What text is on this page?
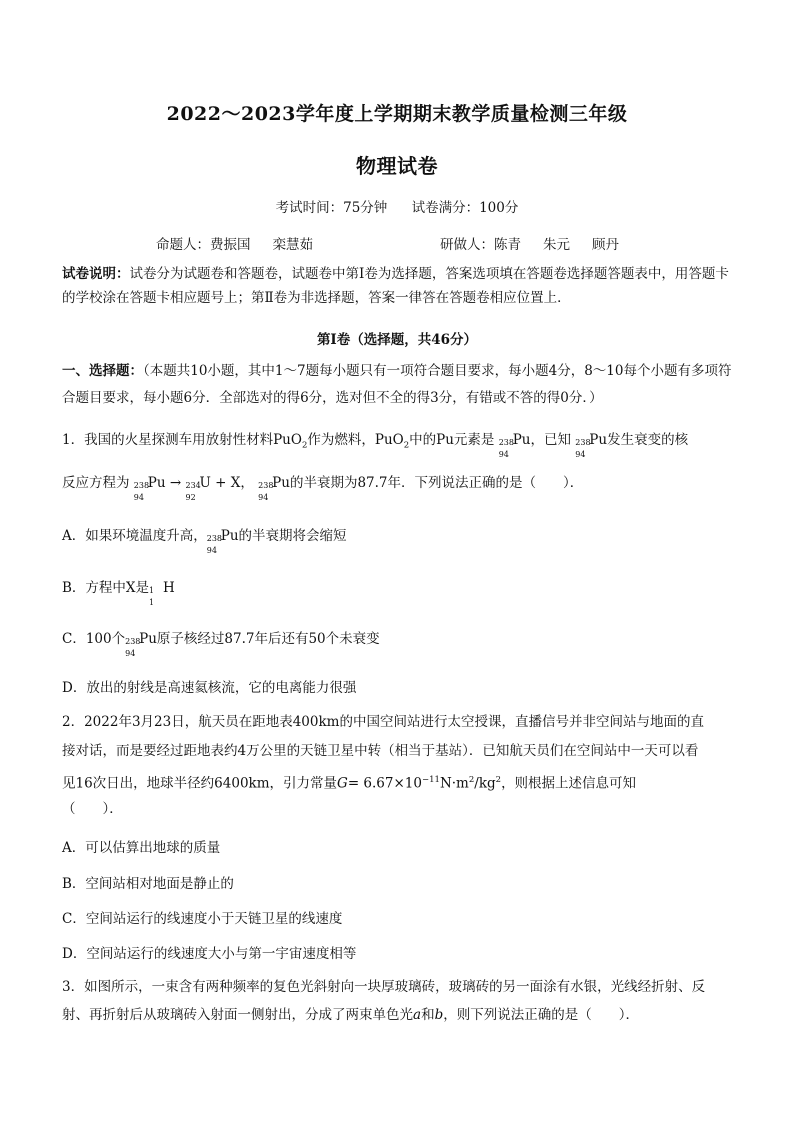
2022～2023学年度上学期期末教学质量检测三年级
物理试卷
考试时间：75分钟 试卷满分：100分
命题人：费振国 栾慧茹	研做人：陈青 朱元 顾丹
试卷说明：试卷分为试题卷和答题卷，试题卷中第Ⅰ卷为选择题，答案选项填在答题卷选择题答题表中，用答题卡的学校涂在答题卡相应题号上；第Ⅱ卷为非选择题，答案一律答在答题卷相应位置上．
第Ⅰ卷（选择题，共46分）
一、选择题：（本题共10小题，其中1～7题每小题只有一项符合题目要求，每小题4分，8～10每个小题有多项符合题目要求，每小题6分．全部选对的得6分，选对但不全的得3分，有错或不答的得0分．）
1．我国的火星探测车用放射性材料PuO$_2$作为燃料，PuO$_2$中的Pu元素是 238
94
Pu，已知 238
94
Pu发生衰变的核
反应方程为 238
94
Pu → 234
92
U + X， 238
94
Pu的半衰期为87.7年．下列说法正确的是（　　）．
A．如果环境温度升高， 238
94
Pu的半衰期将会缩短
B．方程中X是 1
1
H
C．100个 238
94
Pu原子核经过87.7年后还有50个未衰变
D．放出的射线是高速氦核流，它的电离能力很强
2．2022年3月23日，航天员在距地表400km的中国空间站进行太空授课，直播信号并非空间站与地面的直
接对话，而是要经过距地表约4万公里的天链卫星中转（相当于基站）．已知航天员们在空间站中一天可以看
见16次日出，地球半径约6400km，引力常量$G= 6.67\times 10^{-11}N\cdot m^2/kg^2$，则根据上述信息可知
（　　）．
A．可以估算出地球的质量
B．空间站相对地面是静止的
C．空间站运行的线速度小于天链卫星的线速度
D．空间站运行的线速度大小与第一宇宙速度相等
3．如图所示，一束含有两种频率的复色光斜射向一块厚玻璃砖，玻璃砖的另一面涂有水银，光线经折射、反
射、再折射后从玻璃砖入射面一侧射出，分成了两束单色光a和b，则下列说法正确的是（　　）．
